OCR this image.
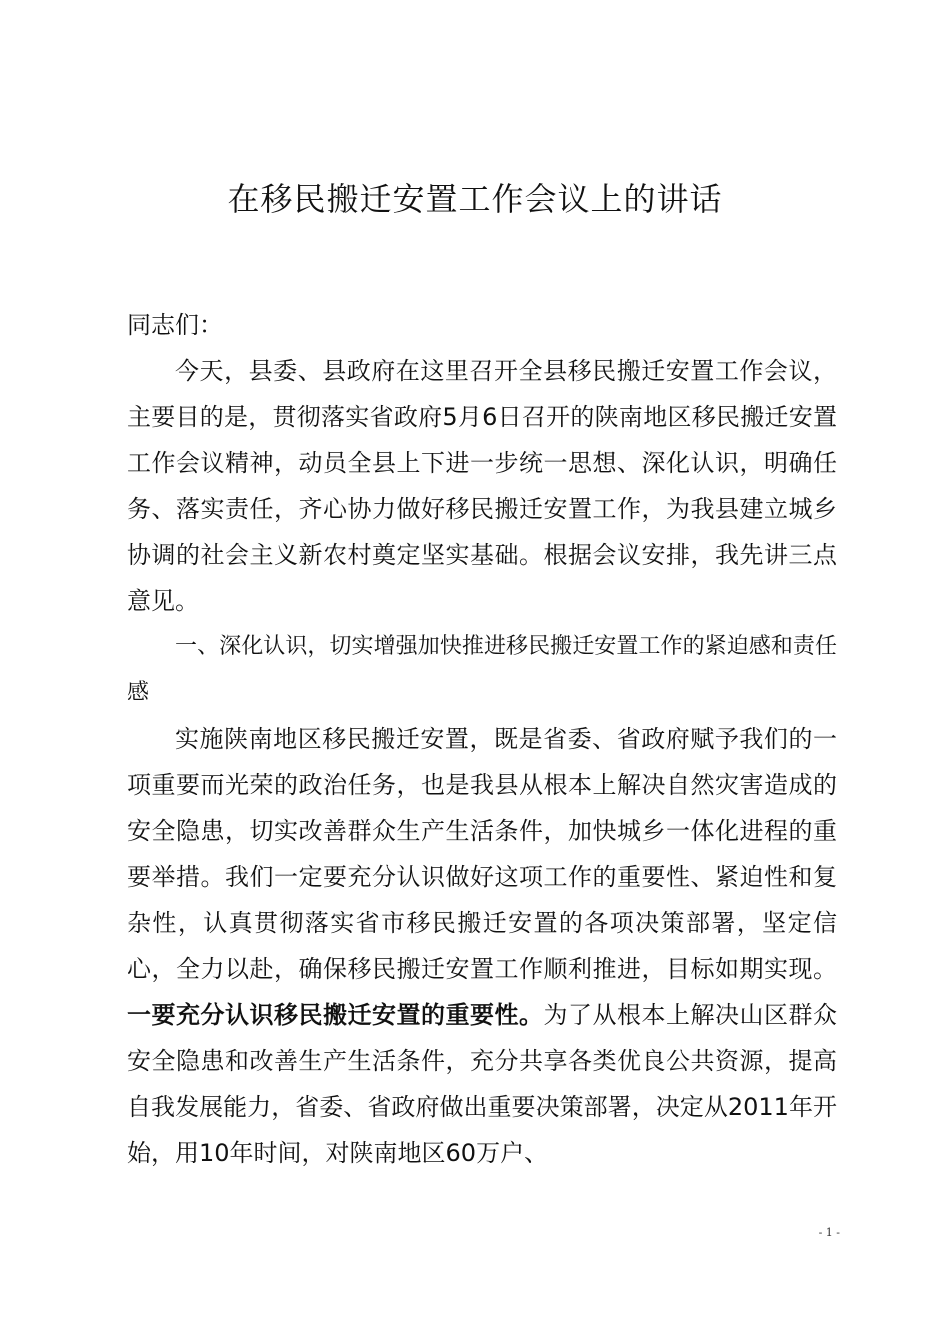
在移民搬迁安置工作会议上的讲话

同志们：

今天，县委、县政府在这里召开全县移民搬迁安置工作会议，主要目的是，贯彻落实省政府5月6日召开的陕南地区移民搬迁安置工作会议精神，动员全县上下进一步统一思想、深化认识，明确任务、落实责任，齐心协力做好移民搬迁安置工作，为我县建立城乡协调的社会主义新农村奠定坚实基础。根据会议安排，我先讲三点意见。

一、深化认识，切实增强加快推进移民搬迁安置工作的紧迫感和责任感

实施陕南地区移民搬迁安置，既是省委、省政府赋予我们的一项重要而光荣的政治任务，也是我县从根本上解决自然灾害造成的安全隐患，切实改善群众生产生活条件，加快城乡一体化进程的重要举措。我们一定要充分认识做好这项工作的重要性、紧迫性和复杂性，认真贯彻落实省市移民搬迁安置的各项决策部署，坚定信心，全力以赴，确保移民搬迁安置工作顺利推进，目标如期实现。一要充分认识移民搬迁安置的重要性。为了从根本上解决山区群众安全隐患和改善生产生活条件，充分共享各类优良公共资源，提高自我发展能力，省委、省政府做出重要决策部署，决定从2011年开始，用10年时间，对陕南地区60万户、

- 1 -
